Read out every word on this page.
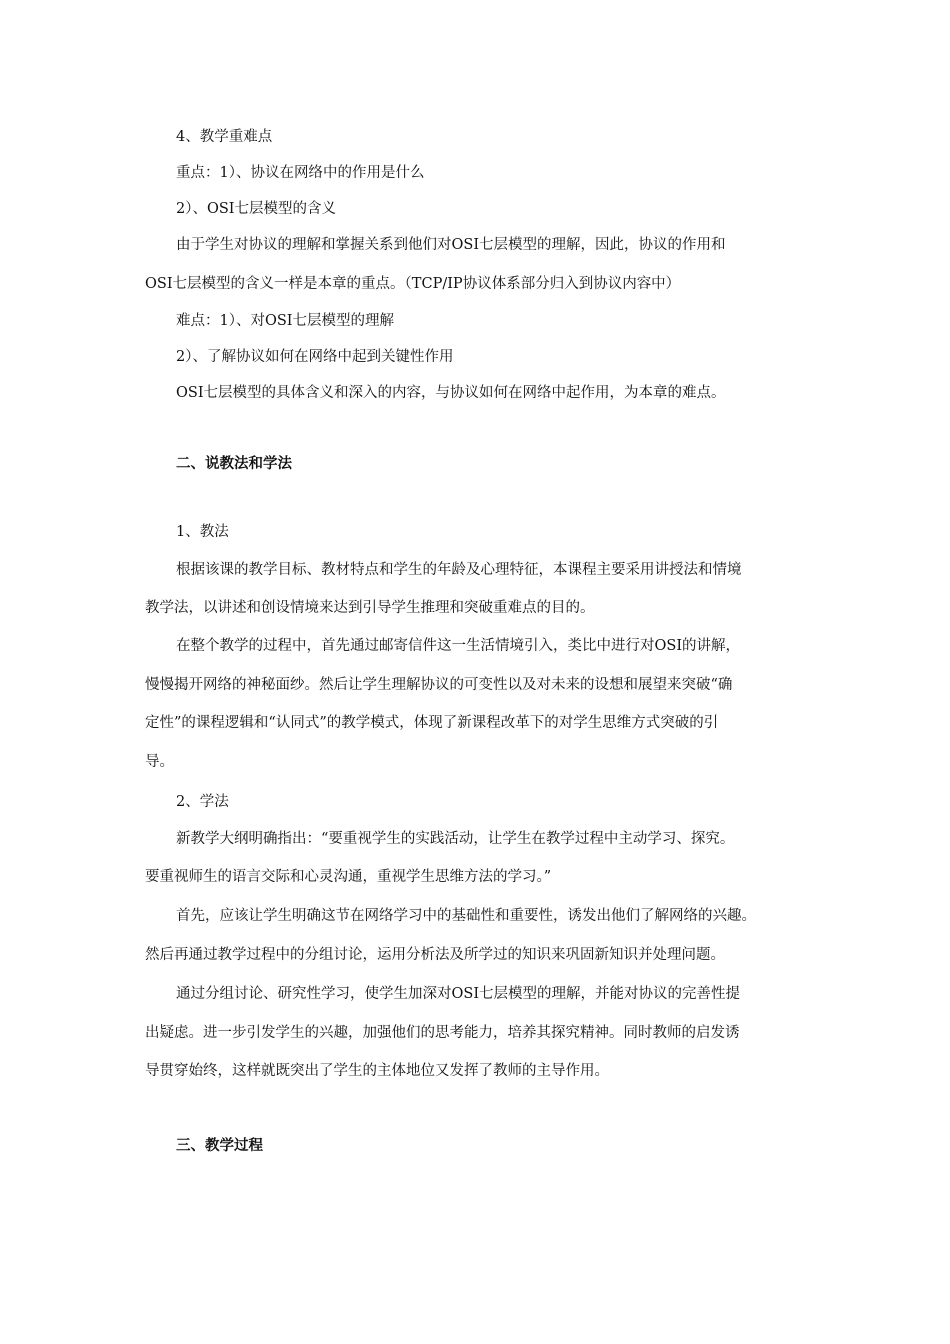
4、教学重难点
重点：1）、协议在网络中的作用是什么
2）、OSI七层模型的含义
由于学生对协议的理解和掌握关系到他们对OSI七层模型的理解，因此，协议的作用和
OSI七层模型的含义一样是本章的重点。（TCP/IP协议体系部分归入到协议内容中）
难点：1）、对OSI七层模型的理解
2）、了解协议如何在网络中起到关键性作用
OSI七层模型的具体含义和深入的内容，与协议如何在网络中起作用，为本章的难点。
二、说教法和学法
1、教法
根据该课的教学目标、教材特点和学生的年龄及心理特征，本课程主要采用讲授法和情境
教学法，以讲述和创设情境来达到引导学生推理和突破重难点的目的。
在整个教学的过程中，首先通过邮寄信件这一生活情境引入，类比中进行对OSI的讲解，
慢慢揭开网络的神秘面纱。然后让学生理解协议的可变性以及对未来的设想和展望来突破“确
定性”的课程逻辑和“认同式”的教学模式，体现了新课程改革下的对学生思维方式突破的引
导。
2、学法
新教学大纲明确指出：“要重视学生的实践活动，让学生在教学过程中主动学习、探究。
要重视师生的语言交际和心灵沟通，重视学生思维方法的学习。”
首先，应该让学生明确这节在网络学习中的基础性和重要性，诱发出他们了解网络的兴趣。
然后再通过教学过程中的分组讨论，运用分析法及所学过的知识来巩固新知识并处理问题。
通过分组讨论、研究性学习，使学生加深对OSI七层模型的理解，并能对协议的完善性提
出疑虑。进一步引发学生的兴趣，加强他们的思考能力，培养其探究精神。同时教师的启发诱
导贯穿始终，这样就既突出了学生的主体地位又发挥了教师的主导作用。
三、教学过程
